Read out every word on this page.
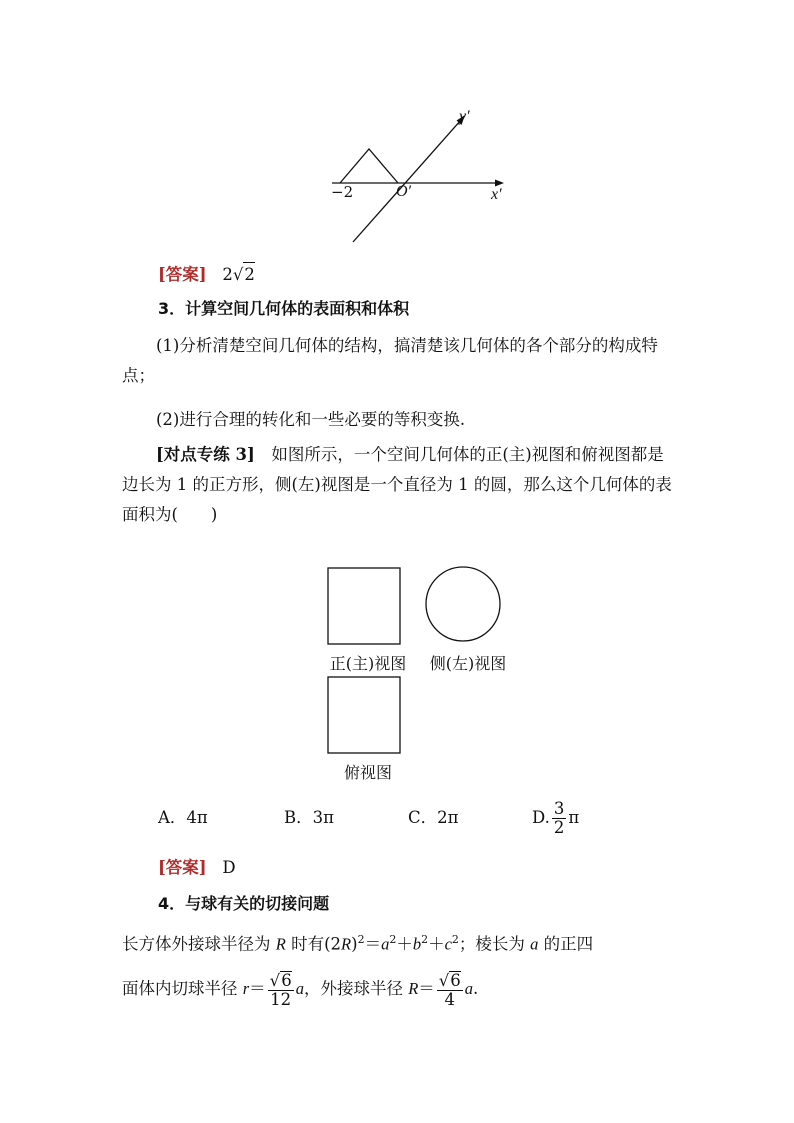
−2	O′	x′
y′
[答案] 2√2
3．计算空间几何体的表面积和体积
(1)分析清楚空间几何体的结构，搞清楚该几何体的各个部分的构成特点；
(2)进行合理的转化和一些必要的等积变换.
[对点专练 3]　如图所示，一个空间几何体的正(主)视图和俯视图都是边长为 1 的正方形，侧(左)视图是一个直径为 1 的圆，那么这个几何体的表面积为(　　)
正(主)视图	侧(左)视图
俯视图
A．4π	B．3π	C．2π	D. $\frac{3}{2}$ π
[答案] D
4．与球有关的切接问题
长方体外接球半径为 R 时有$(2R)^2=a^2+b^2+c^2$；棱长为 a 的正四
面体内切球半径 $r= \frac{√6}{12}$ a，外接球半径 $R= \frac{√6}{4} a$.
